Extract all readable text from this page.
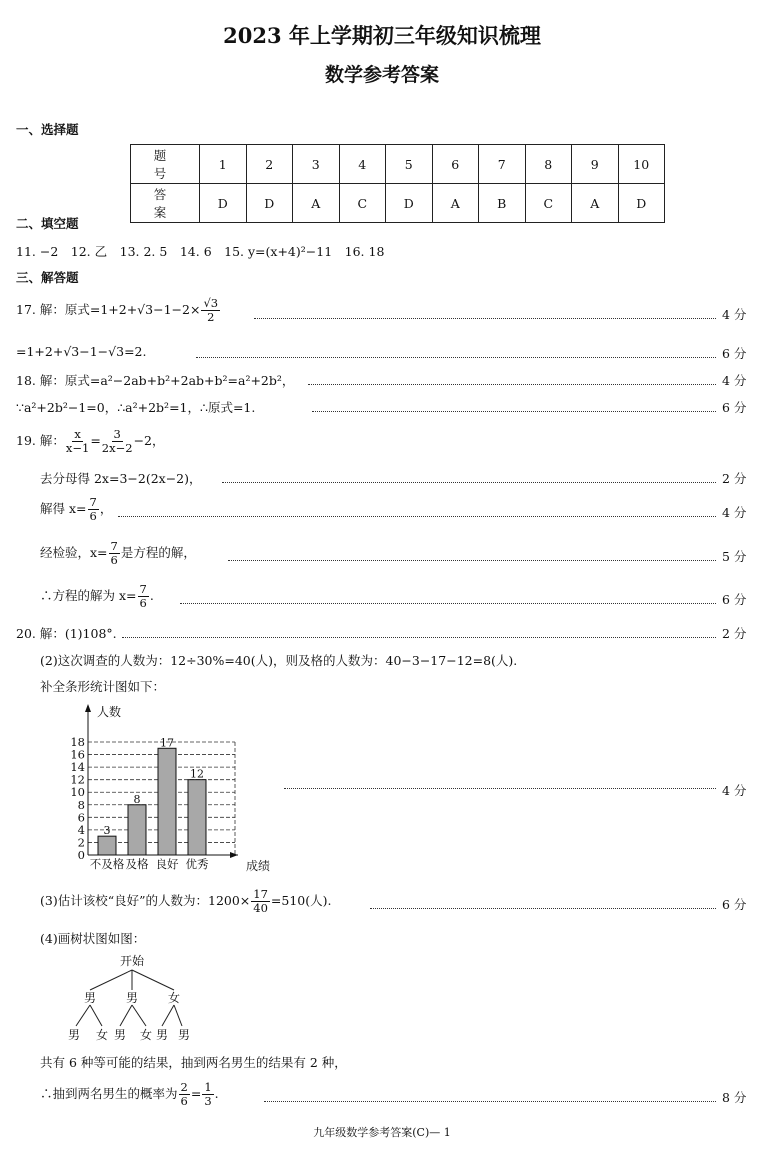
2023 年上学期初三年级知识梳理
数学参考答案
一、选择题
题　号	1	2	3	4	5	6	7	8	9	10
答　案	D	D	A	C	D	A	B	C	A	D
二、填空题
11. −2　12. 乙　13. 2. 5　14. 6　15. y=(x+4)²−11　16. 18
三、解答题
17. 解：原式$=1+2+√3-1-2\times \frac{√3}{2}$	4 分
=1+2+√3−1−√3=2.	6 分
18. 解：原式=a²−2ab+b²+2ab+b²=a²+2b²，	4 分
∵a²+2b²−1=0，∴a²+2b²=1，∴原式=1.	6 分
19. 解： $\frac{x}{x-1} = \frac{3}{2x-2} -2$，
去分母得 2x=3−2(2x−2)，	2 分
解得 $x= \frac{7}{6}$ ，	4 分
经检验，$x= \frac{7}{6}$ 是方程的解，	5 分
∴方程的解为 $x= \frac{7}{6}$ .	6 分
20. 解：(1)108°.	2 分
(2)这次调查的人数为：12÷30%=40(人)，则及格的人数为：40−3−17−12=8(人).
补全条形统计图如下：
0
2
4
6
8
10
12
14
16
18
人数
成绩
3
不及格
8
及格
17
良好
12
优秀
4 分
(3)估计该校“良好”的人数为：$1200\times \frac{17}{40} =510$(人).	6 分
(4)画树状图如图：
开始
男 男 女
男 女 男 女 男 男
共有 6 种等可能的结果，抽到两名男生的结果有 2 种，
∴抽到两名男生的概率为 $\frac{2}{6} = \frac{1}{3}$ .	8 分
九年级数学参考答案(C)— 1
